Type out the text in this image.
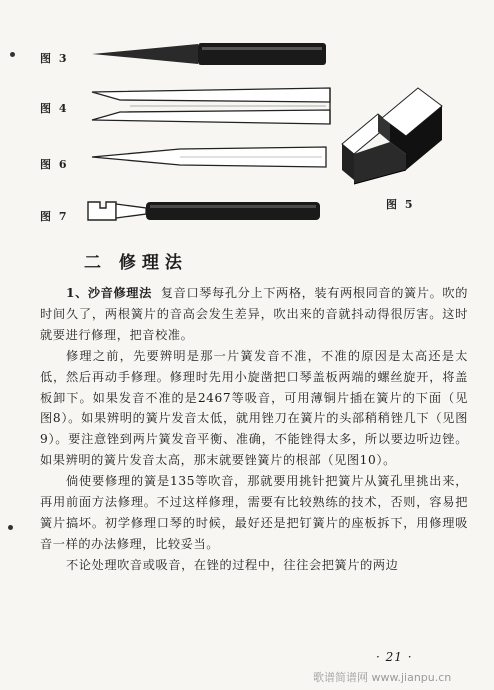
图 3
图 4
图 6
图 7
图 5
二 修理法

1、沙音修理法 复音口琴每孔分上下两格，装有两根同音的簧片。吹的时间久了，两根簧片的音高会发生差异，吹出来的音就抖动得很厉害。这时就要进行修理，把音校准。

修理之前，先要辨明是那一片簧发音不准，不准的原因是太高还是太低，然后再动手修理。修理时先用小旋凿把口琴盖板两端的螺丝旋开，将盖板卸下。如果发音不准的是2467等吸音，可用薄铜片插在簧片的下面（见图8）。如果辨明的簧片发音太低，就用锉刀在簧片的头部稍稍锉几下（见图9）。要注意锉到两片簧发音平衡、准确，不能锉得太多，所以要边听边锉。如果辨明的簧片发音太高，那末就要锉簧片的根部（见图10）。

倘使要修理的簧是135等吹音，那就要用挑针把簧片从簧孔里挑出来，再用前面方法修理。不过这样修理，需要有比较熟练的技术，否则，容易把簧片搞坏。初学修理口琴的时候，最好还是把钉簧片的座板拆下，用修理吸音一样的办法修理，比较妥当。

不论处理吹音或吸音，在锉的过程中，往往会把簧片的两边

· 21 ·
歌谱简谱网 www.jianpu.cn
